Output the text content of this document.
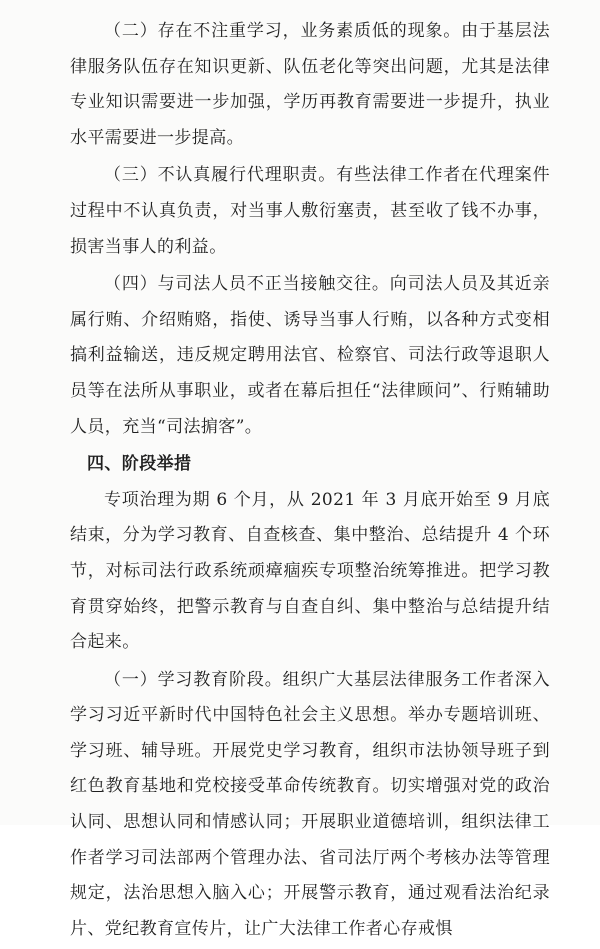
（二）存在不注重学习，业务素质低的现象。由于基层法律服务队伍存在知识更新、队伍老化等突出问题，尤其是法律专业知识需要进一步加强，学历再教育需要进一步提升，执业水平需要进一步提高。

（三）不认真履行代理职责。有些法律工作者在代理案件过程中不认真负责，对当事人敷衍塞责，甚至收了钱不办事，损害当事人的利益。

（四）与司法人员不正当接触交往。向司法人员及其近亲属行贿、介绍贿赂，指使、诱导当事人行贿，以各种方式变相搞利益输送，违反规定聘用法官、检察官、司法行政等退职人员等在法所从事职业，或者在幕后担任“法律顾问”、行贿辅助人员，充当“司法掮客”。

四、阶段举措

专项治理为期 6 个月，从 2021 年 3 月底开始至 9 月底结束，分为学习教育、自查核查、集中整治、总结提升 4 个环节，对标司法行政系统顽瘴痼疾专项整治统筹推进。把学习教育贯穿始终，把警示教育与自查自纠、集中整治与总结提升结合起来。

（一）学习教育阶段。组织广大基层法律服务工作者深入学习习近平新时代中国特色社会主义思想。举办专题培训班、学习班、辅导班。开展党史学习教育，组织市法协领导班子到红色教育基地和党校接受革命传统教育。切实增强对党的政治认同、思想认同和情感认同；开展职业道德培训，组织法律工作者学习司法部两个管理办法、省司法厅两个考核办法等管理规定，法治思想入脑入心；开展警示教育，通过观看法治纪录片、党纪教育宣传片，让广大法律工作者心存戒惧
